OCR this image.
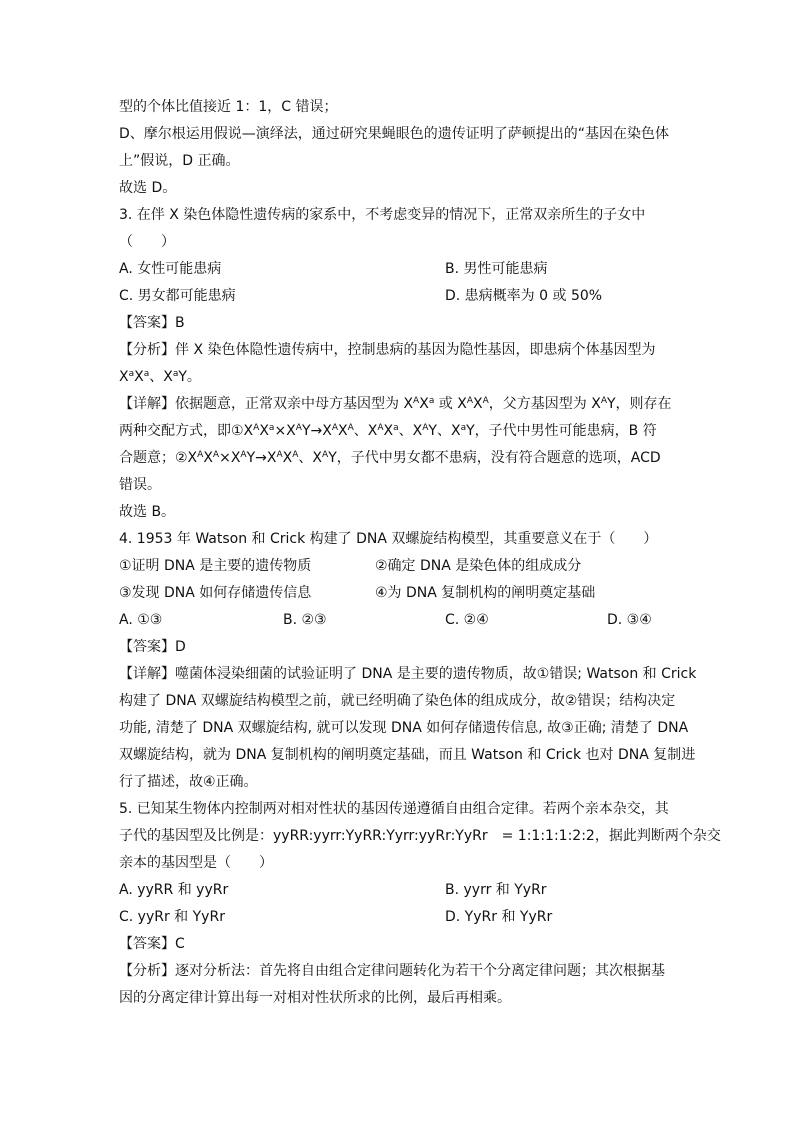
型的个体比值接近 1：1，C 错误；
D、摩尔根运用假说—演绎法，通过研究果蝇眼色的遗传证明了萨顿提出的“基因在染色体
上”假说，D 正确。
故选 D。
3. 在伴 X 染色体隐性遗传病的家系中，不考虑变异的情况下，正常双亲所生的子女中
（　　）
A. 女性可能患病	B. 男性可能患病
C. 男女都可能患病	D. 患病概率为 0 或 50%
【答案】B
【分析】伴 X 染色体隐性遗传病中，控制患病的基因为隐性基因，即患病个体基因型为
$X^aX^a$、$X^aY$。
【详解】依据题意，正常双亲中母方基因型为 $X^AX^a$ 或 $X^AX^A$，父方基因型为 $X^AY$，则存在
两种交配方式，即$①X^AX^a\times X^AY\to X^AX^A$、$X^AX^a$、$X^AY$、$X^aY$，子代中男性可能患病，B 符
合题意；$②X^AX^A\times X^AY\to X^AX^A$、$X^AY$，子代中男女都不患病，没有符合题意的选项，ACD
错误。
故选 B。
4. 1953 年 Watson 和 Crick 构建了 DNA 双螺旋结构模型，其重要意义在于（　　）
①证明 DNA 是主要的遗传物质	②确定 DNA 是染色体的组成成分
③发现 DNA 如何存储遗传信息	④为 DNA 复制机构的阐明奠定基础
A. ①③	B. ②③	C. ②④	D. ③④
【答案】D
【详解】噬菌体浸染细菌的试验证明了 DNA 是主要的遗传物质，故①错误; Watson 和 Crick
构建了 DNA 双螺旋结构模型之前，就已经明确了染色体的组成成分，故②错误；结构决定
功能, 清楚了 DNA 双螺旋结构, 就可以发现 DNA 如何存储遗传信息, 故③正确; 清楚了 DNA
双螺旋结构，就为 DNA 复制机构的阐明奠定基础，而且 Watson 和 Crick 也对 DNA 复制进
行了描述，故④正确。
5. 已知某生物体内控制两对相对性状的基因传递遵循自由组合定律。若两个亲本杂交，其
子代的基因型及比例是：yyRR:yyrr:YyRR:Yyrr:yyRr:YyRr　= 1:1:1:1:2:2，据此判断两个杂交
亲本的基因型是（　　）
A. yyRR 和 yyRr	B. yyrr 和 YyRr
C. yyRr 和 YyRr	D. YyRr 和 YyRr
【答案】C
【分析】逐对分析法：首先将自由组合定律问题转化为若干个分离定律问题；其次根据基
因的分离定律计算出每一对相对性状所求的比例，最后再相乘。
